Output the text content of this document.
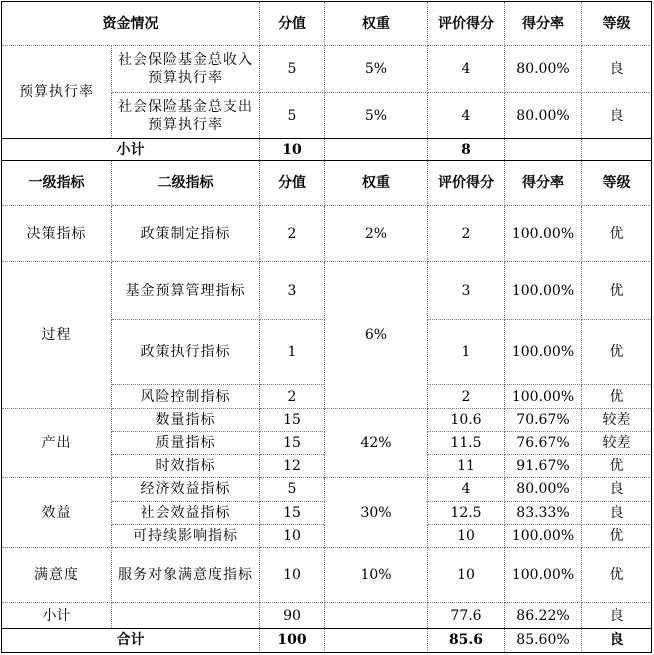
资金情况		分值	权重	评价得分	得分率	等级
预算执行率	社会保险基金总收入预算执行率	5	5%	4	80.00%	良
	社会保险基金总支出预算执行率	5	5%	4	80.00%	良
小计		10		8		
一级指标	二级指标	分值	权重	评价得分	得分率	等级
决策指标	政策制定指标	2	2%	2	100.00%	优
过程	基金预算管理指标	3	6%	3	100.00%	优
	政策执行指标	1		1	100.00%	优
	风险控制指标	2		2	100.00%	优
产出	数量指标	15	42%	10.6	70.67%	较差
	质量指标	15		11.5	76.67%	较差
	时效指标	12		11	91.67%	优
效益	经济效益指标	5	30%	4	80.00%	良
	社会效益指标	15		12.5	83.33%	良
	可持续影响指标	10		10	100.00%	优
满意度	服务对象满意度指标	10	10%	10	100.00%	优
小计		90		77.6	86.22%	良
合计		100		85.6	85.60%	良
